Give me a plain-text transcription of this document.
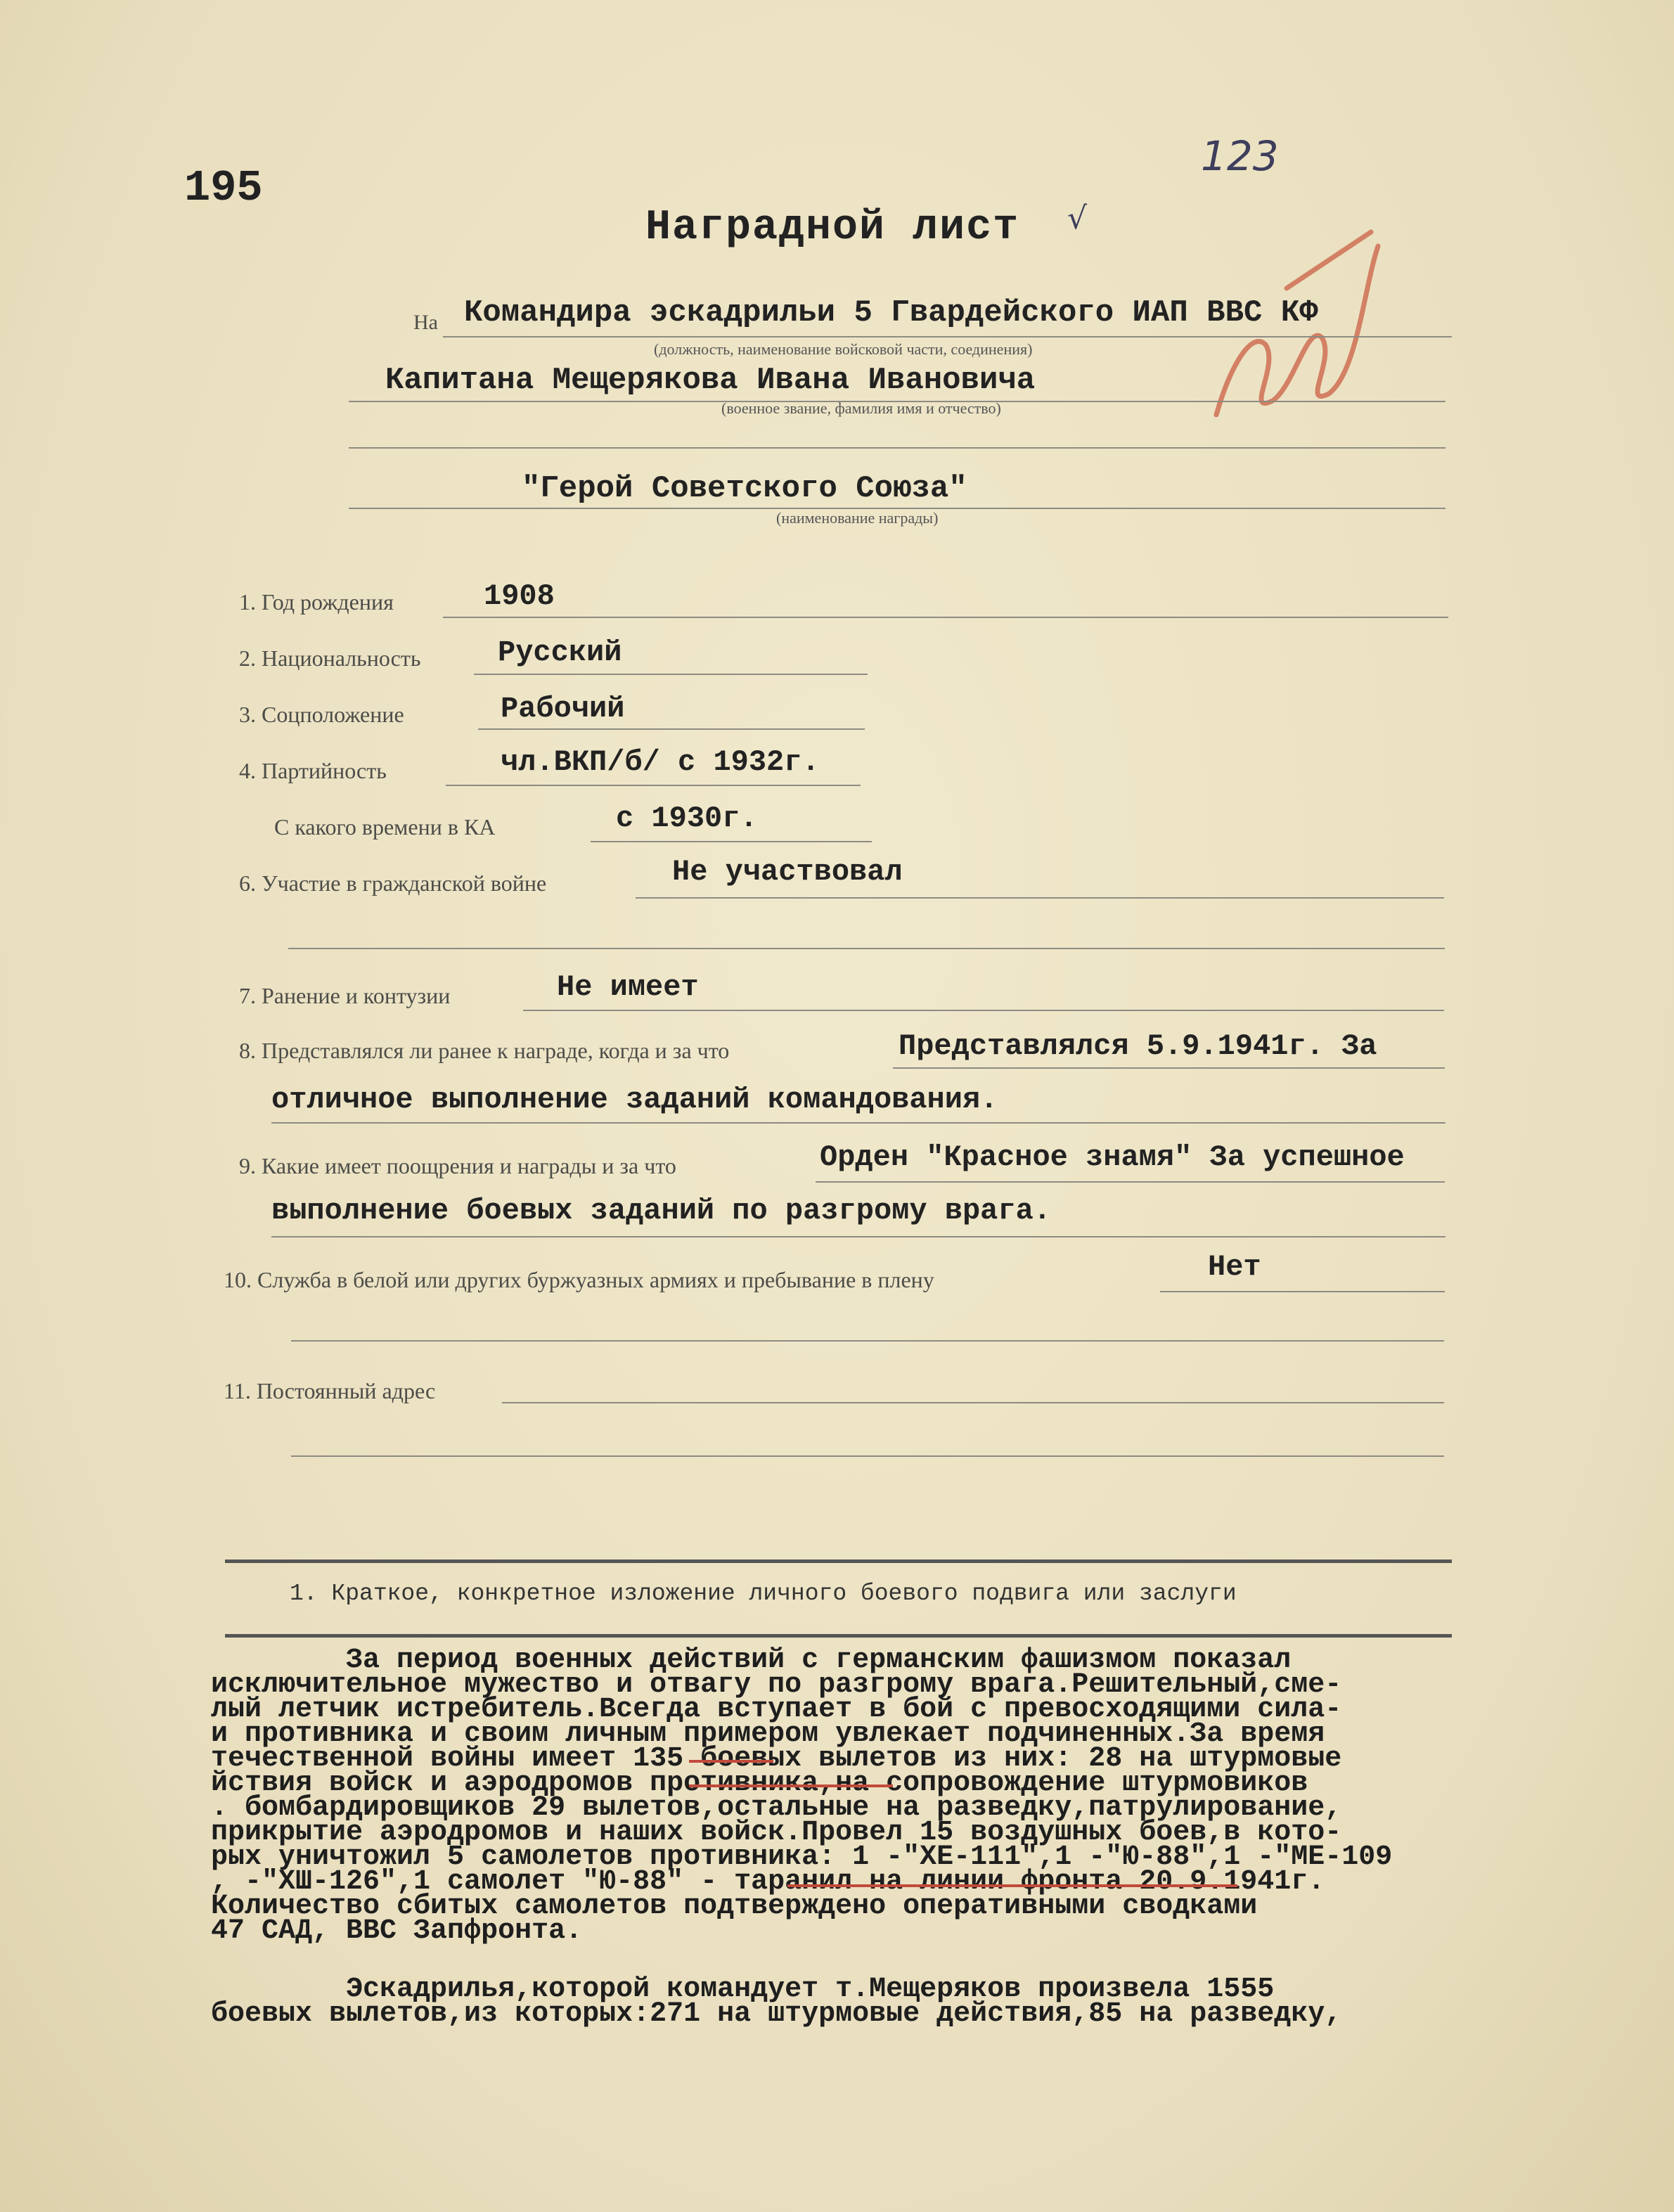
195
123
Наградной лист √
На Командира эскадрильи 5 Гвардейского ИАП ВВС КФ
(должность, наименование войсковой части, соединения)
Капитана Мещерякова Ивана Ивановича
(военное звание, фамилия имя и отчество)
"Герой Советского Союза"
(наименование награды)
1. Год рождения	1908
2. Национальность	Русский
3. Соцположение	Рабочий
4. Партийность	чл.ВКП/б/ с 1932г.
С какого времени в КА	с 1930г.
6. Участие в гражданской войне	Не участвовал
7. Ранение и контузии	Не имеет
8. Представлялся ли ранее к награде, когда и за что	Представлялся 5.9.1941г. За
отличное выполнение заданий командования.
9. Какие имеет поощрения и награды и за что	Орден "Красное знамя" За успешное
выполнение боевых заданий по разгрому врага.
10. Служба в белой или других буржуазных армиях и пребывание в плену	Нет
11. Постоянный адрес
1. Краткое, конкретное изложение личного боевого подвига или заслуги
За период военных действий с германским фашизмом показал
исключительное мужество и отвагу по разгрому врага.Решительный,сме-
лый летчик истребитель.Всегда вступает в бой с превосходящими сила-
и противника и своим личным примером увлекает подчиненных.За время
течественной войны имеет 135 боевых вылетов из них: 28 на штурмовые
йствия войск и аэродромов противника,на сопровождение штурмовиков
. бомбардировщиков 29 вылетов,остальные на разведку,патрулирование,
прикрытие аэродромов и наших войск.Провел 15 воздушных боев,в кото-
рых уничтожил 5 самолетов противника: 1 -"ХЕ-111",1 -"Ю-88",1 -"МЕ-109
, -"ХШ-126",1 самолет "Ю-88" - таранил на линии фронта 20.9.1941г.
Количество сбитых самолетов подтверждено оперативными сводками
47 САД, ВВС Запфронта.
Эскадрилья,которой командует т.Мещеряков произвела 1555
боевых вылетов,из которых:271 на штурмовые действия,85 на разведку,
